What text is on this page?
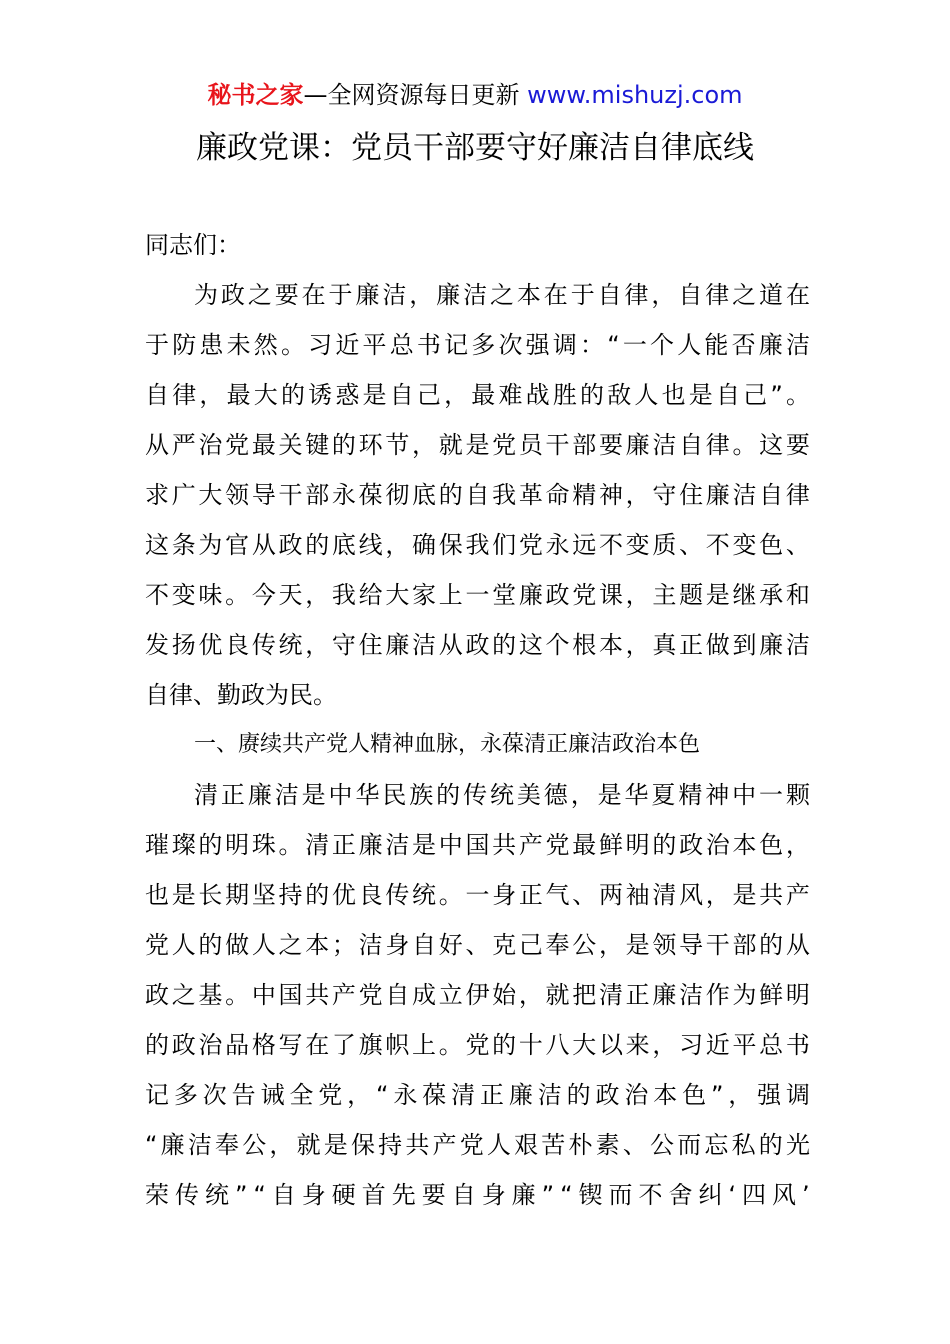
秘书之家—全网资源每日更新 www.mishuzj.com
廉政党课：党员干部要守好廉洁自律底线
同志们：
为 政 之 要 在 于 廉 洁 ， 廉 洁 之 本 在 于 自 律 ， 自 律 之 道 在
于 防 患 未 然 。 习 近 平 总 书 记 多 次 强 调 ： “ 一 个 人 能 否 廉 洁
自 律 ， 最 大 的 诱 惑 是 自 己 ， 最 难 战 胜 的 敌 人 也 是 自 己 ” 。
从 严 治 党 最 关 键 的 环 节 ， 就 是 党 员 干 部 要 廉 洁 自 律 。 这 要
求 广 大 领 导 干 部 永 葆 彻 底 的 自 我 革 命 精 神 ， 守 住 廉 洁 自 律
这 条 为 官 从 政 的 底 线 ， 确 保 我 们 党 永 远 不 变 质 、 不 变 色 、
不 变 味 。 今 天 ， 我 给 大 家 上 一 堂 廉 政 党 课 ， 主 题 是 继 承 和
发 扬 优 良 传 统 ， 守 住 廉 洁 从 政 的 这 个 根 本 ， 真 正 做 到 廉 洁
自律、勤政为民。
一、赓续共产党人精神血脉，永葆清正廉洁政治本色
清 正 廉 洁 是 中 华 民 族 的 传 统 美 德 ， 是 华 夏 精 神 中 一 颗
璀 璨 的 明 珠 。 清 正 廉 洁 是 中 国 共 产 党 最 鲜 明 的 政 治 本 色 ，
也 是 长 期 坚 持 的 优 良 传 统 。 一 身 正 气 、 两 袖 清 风 ， 是 共 产
党 人 的 做 人 之 本 ； 洁 身 自 好 、 克 己 奉 公 ， 是 领 导 干 部 的 从
政 之 基 。 中 国 共 产 党 自 成 立 伊 始 ， 就 把 清 正 廉 洁 作 为 鲜 明
的 政 治 品 格 写 在 了 旗 帜 上 。 党 的 十 八 大 以 来 ， 习 近 平 总 书
记 多 次 告 诫 全 党 ， “ 永 葆 清 正 廉 洁 的 政 治 本 色 ” ， 强 调
“ 廉 洁 奉 公 ， 就 是 保 持 共 产 党 人 艰 苦 朴 素 、 公 而 忘 私 的 光
荣 传 统 ” “ 自 身 硬 首 先 要 自 身 廉 ” “ 锲 而 不 舍 纠 ‘ 四 风 ’
